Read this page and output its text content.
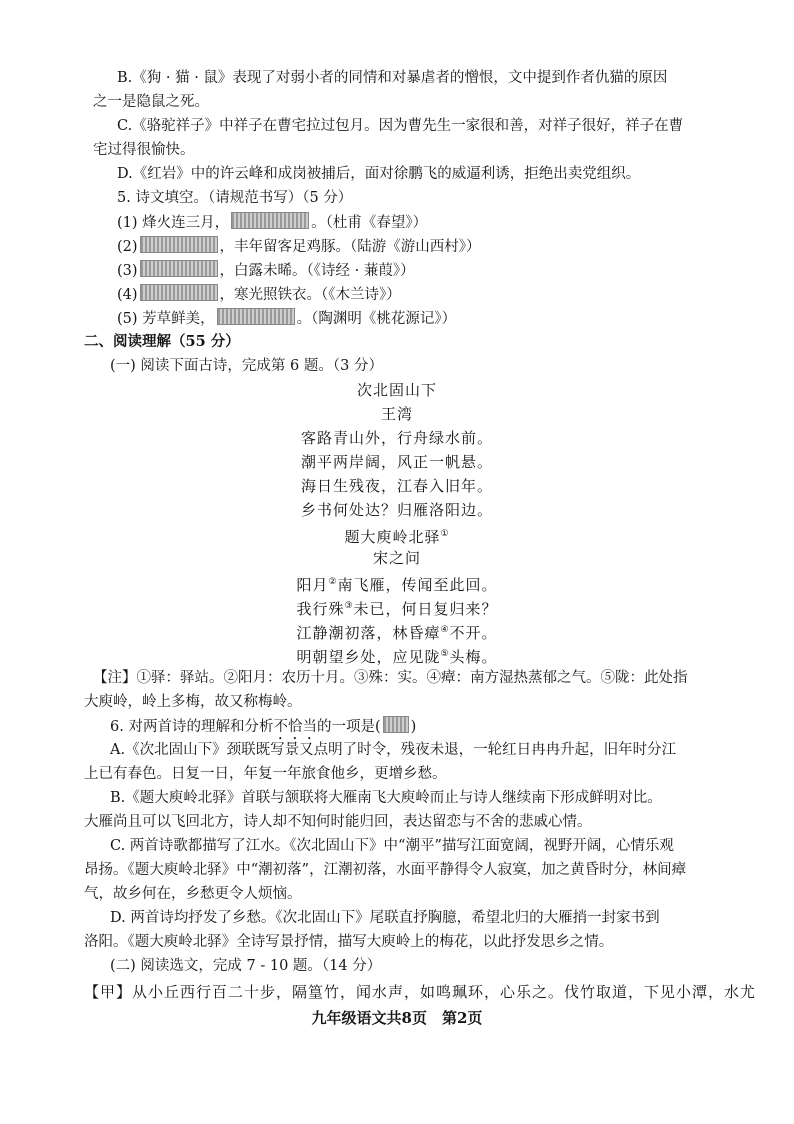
B.《狗 · 猫 · 鼠》表现了对弱小者的同情和对暴虐者的憎恨，文中提到作者仇猫的原因
之一是隐鼠之死。
C.《骆驼祥子》中祥子在曹宅拉过包月。因为曹先生一家很和善，对祥子很好，祥子在曹
宅过得很愉快。
D.《红岩》中的许云峰和成岗被捕后，面对徐鹏飞的威逼利诱，拒绝出卖党组织。
5. 诗文填空。（请规范书写）（5 分）
(1) 烽火连三月，	。（杜甫《春望》）
(2)	，丰年留客足鸡豚。（陆游《游山西村》）
(3)	，白露未晞。（《诗经 · 蒹葭》）
(4)	，寒光照铁衣。（《木兰诗》）
(5) 芳草鲜美，	。（陶渊明《桃花源记》）
二、阅读理解（55 分）
(一) 阅读下面古诗，完成第 6 题。（3 分）
次北固山下
王湾
客路青山外，行舟绿水前。
潮平两岸阔，风正一帆悬。
海日生残夜，江春入旧年。
乡书何处达？归雁洛阳边。
题大庾岭北驿①
宋之问
阳月②南飞雁，传闻至此回。
我行殊③未已，何日复归来？
江静潮初落，林昏瘴④不开。
明朝望乡处，应见陇⑤头梅。
【注】①驿：驿站。②阳月：农历十月。③殊：实。④瘴：南方湿热蒸郁之气。⑤陇：此处指
大庾岭，岭上多梅，故又称梅岭。
6. 对两首诗的理解和分析不恰当的一项是( )
A.《次北固山下》颈联既写景又点明了时令，残夜未退，一轮红日冉冉升起，旧年时分江
上已有春色。日复一日，年复一年旅食他乡，更增乡愁。
B.《题大庾岭北驿》首联与颔联将大雁南飞大庾岭而止与诗人继续南下形成鲜明对比。
大雁尚且可以飞回北方，诗人却不知何时能归回，表达留恋与不舍的悲戚心情。
C. 两首诗歌都描写了江水。《次北固山下》中“潮平”描写江面宽阔，视野开阔，心情乐观
昂扬。《题大庾岭北驿》中“潮初落”，江潮初落，水面平静得令人寂寞，加之黄昏时分，林间瘴
气，故乡何在，乡愁更令人烦恼。
D. 两首诗均抒发了乡愁。《次北固山下》尾联直抒胸臆，希望北归的大雁捎一封家书到
洛阳。《题大庾岭北驿》全诗写景抒情，描写大庾岭上的梅花，以此抒发思乡之情。
(二) 阅读选文，完成 7 - 10 题。（14 分）
【甲】从小丘西行百二十步，隔篁竹，闻水声，如鸣珮环，心乐之。伐竹取道，下见小潭，水尤
九年级语文共8页　第2页
